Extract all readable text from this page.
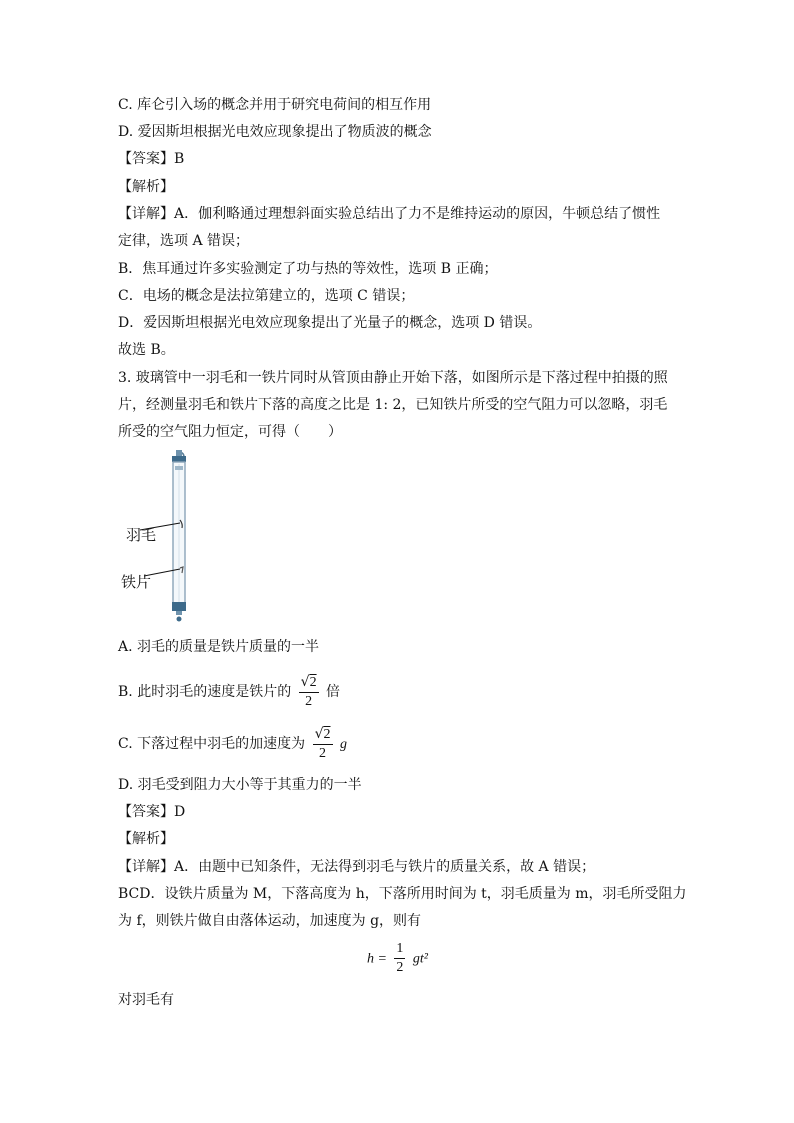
C. 库仑引入场的概念并用于研究电荷间的相互作用
D. 爱因斯坦根据光电效应现象提出了物质波的概念
【答案】B
【解析】
【详解】A．伽利略通过理想斜面实验总结出了力不是维持运动的原因，牛顿总结了惯性
定律，选项 A 错误；
B．焦耳通过许多实验测定了功与热的等效性，选项 B 正确；
C．电场的概念是法拉第建立的，选项 C 错误；
D．爱因斯坦根据光电效应现象提出了光量子的概念，选项 D 错误。
故选 B。
3. 玻璃管中一羽毛和一铁片同时从管顶由静止开始下落，如图所示是下落过程中拍摄的照
片，经测量羽毛和铁片下落的高度之比是 1: 2，已知铁片所受的空气阻力可以忽略，羽毛
所受的空气阻力恒定，可得（　　）
羽毛
铁片
A. 羽毛的质量是铁片质量的一半
B. 此时羽毛的速度是铁片的 $\frac{√2}{2}$ 倍
C. 下落过程中羽毛的加速度为 $\frac{√2}{2}$ g
D. 羽毛受到阻力大小等于其重力的一半
【答案】D
【解析】
【详解】A．由题中已知条件，无法得到羽毛与铁片的质量关系，故 A 错误；
BCD．设铁片质量为 M，下落高度为 h，下落所用时间为 t，羽毛质量为 m，羽毛所受阻力
为 f，则铁片做自由落体运动，加速度为 g，则有
$h = \frac{1}{2} gt^2$
对羽毛有
